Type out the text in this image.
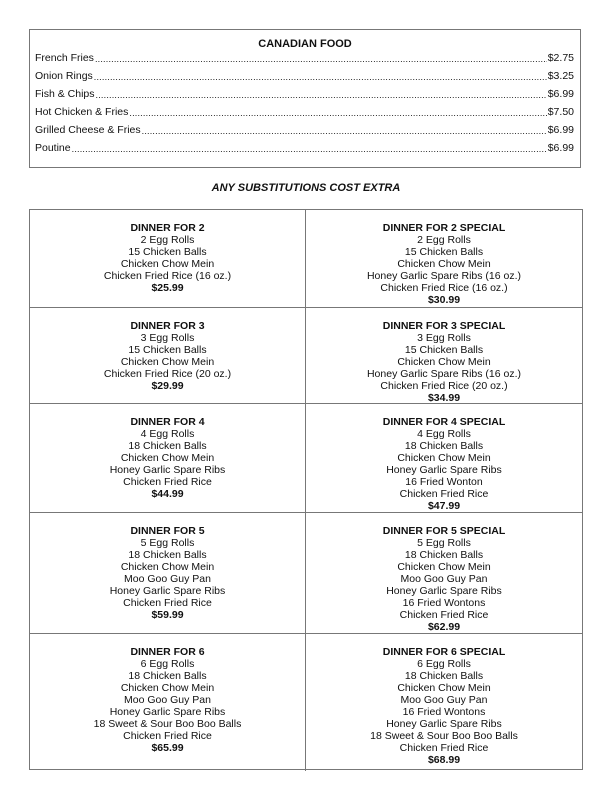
CANADIAN FOOD
French Fries .....	$2.75
Onion Rings .....	$3.25
Fish & Chips .....	$6.99
Hot Chicken & Fries .....	$7.50
Grilled Cheese & Fries .....	$6.99
Poutine .....	$6.99
ANY SUBSTITUTIONS COST EXTRA
DINNER FOR 2
2 Egg Rolls
15 Chicken Balls
Chicken Chow Mein
Chicken Fried Rice (16 oz.)
$25.99
DINNER FOR 2 SPECIAL
2 Egg Rolls
15 Chicken Balls
Chicken Chow Mein
Honey Garlic Spare Ribs (16 oz.)
Chicken Fried Rice (16 oz.)
$30.99
DINNER FOR 3
3 Egg Rolls
15 Chicken Balls
Chicken Chow Mein
Chicken Fried Rice (20 oz.)
$29.99
DINNER FOR 3 SPECIAL
3 Egg Rolls
15 Chicken Balls
Chicken Chow Mein
Honey Garlic Spare Ribs (16 oz.)
Chicken Fried Rice (20 oz.)
$34.99
DINNER FOR 4
4 Egg Rolls
18 Chicken Balls
Chicken Chow Mein
Honey Garlic Spare Ribs
Chicken Fried Rice
$44.99
DINNER FOR 4 SPECIAL
4 Egg Rolls
18 Chicken Balls
Chicken Chow Mein
Honey Garlic Spare Ribs
16 Fried Wonton
Chicken Fried Rice
$47.99
DINNER FOR 5
5 Egg Rolls
18 Chicken Balls
Chicken Chow Mein
Moo Goo Guy Pan
Honey Garlic Spare Ribs
Chicken Fried Rice
$59.99
DINNER FOR 5 SPECIAL
5 Egg Rolls
18 Chicken Balls
Chicken Chow Mein
Moo Goo Guy Pan
Honey Garlic Spare Ribs
16 Fried Wontons
Chicken Fried Rice
$62.99
DINNER FOR 6
6 Egg Rolls
18 Chicken Balls
Chicken Chow Mein
Moo Goo Guy Pan
Honey Garlic Spare Ribs
18 Sweet & Sour Boo Boo Balls
Chicken Fried Rice
$65.99
DINNER FOR 6 SPECIAL
6 Egg Rolls
18 Chicken Balls
Chicken Chow Mein
Moo Goo Guy Pan
16 Fried Wontons
Honey Garlic Spare Ribs
18 Sweet & Sour Boo Boo Balls
Chicken Fried Rice
$68.99
